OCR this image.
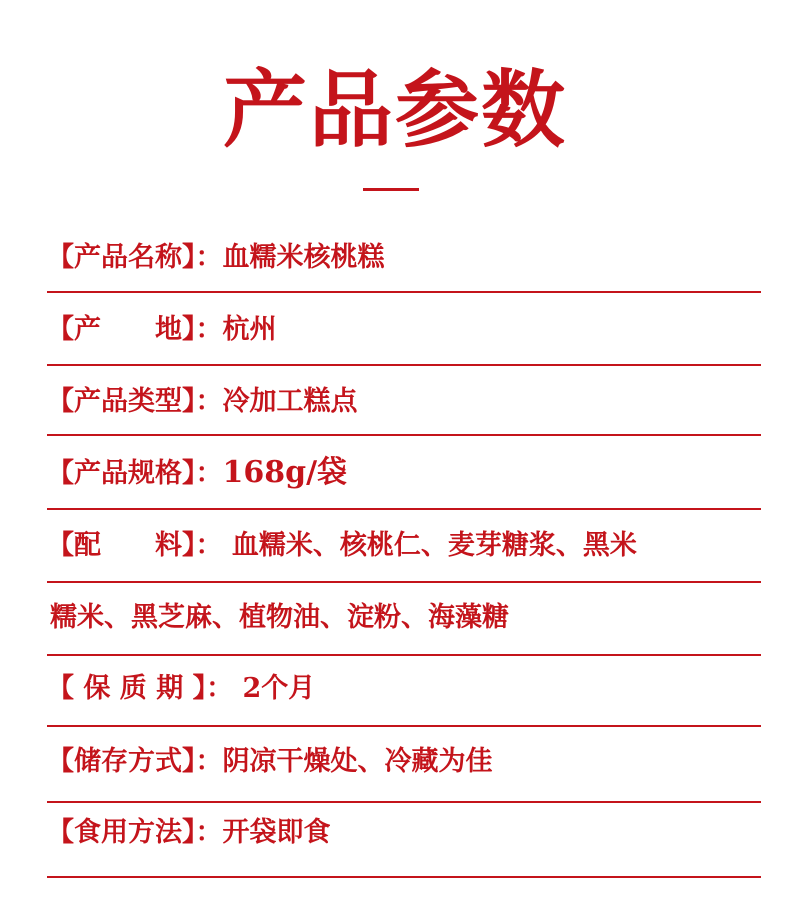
产品参数
【产品名称】：血糯米核桃糕
【产　　地】：杭州
【产品类型】：冷加工糕点
【产品规格】：168g/袋
【配　　料】： 血糯米、核桃仁、麦芽糖浆、黑米
糯米、黑芝麻、植物油、淀粉、海藻糖
【 保 质 期 】： 2个月
【储存方式】：阴凉干燥处、冷藏为佳
【食用方法】：开袋即食
